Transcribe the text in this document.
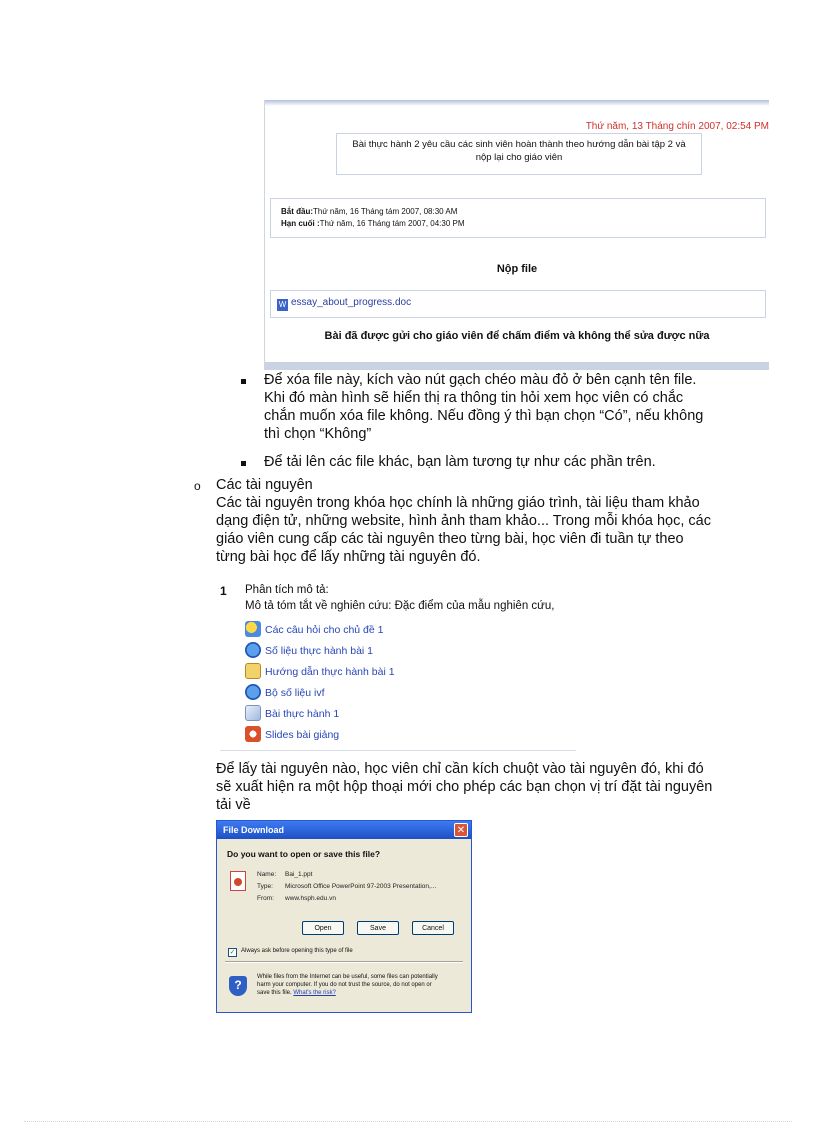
Thứ năm, 13 Tháng chín 2007, 02:54 PM
Bài thực hành 2 yêu cầu các sinh viên hoàn thành theo hướng dẫn bài tập 2 và
nộp lại cho giáo viên
Bắt đầu:Thứ năm, 16 Tháng tám 2007, 08:30 AM
Hạn cuối :Thứ năm, 16 Tháng tám 2007, 04:30 PM
Nộp file
W essay_about_progress.doc
Bài đã được gửi cho giáo viên để chấm điểm và không thể sửa được nữa

Để xóa file này, kích vào nút gạch chéo màu đỏ ở bên cạnh tên file.

Khi đó màn hình sẽ hiển thị ra thông tin hỏi xem học viên có chắc

chắn muốn xóa file không. Nếu đồng ý thì bạn chọn “Có”, nếu không

thì chọn “Không”

Để tải lên các file khác, bạn làm tương tự như các phần trên.

o Các tài nguyên

Các tài nguyên trong khóa học chính là những giáo trình, tài liệu tham khảo

dạng điện tử, những website, hình ảnh tham khảo... Trong mỗi khóa học, các

giáo viên cung cấp các tài nguyên theo từng bài, học viên đi tuần tự theo

từng bài học để lấy những tài nguyên đó.

1 Phân tích mô tả:
Mô tả tóm tắt về nghiên cứu: Đặc điểm của mẫu nghiên cứu,
Các câu hỏi cho chủ đề 1
Số liệu thực hành bài 1
Hướng dẫn thực hành bài 1
Bộ số liệu ivf
Bài thực hành 1
Slides bài giảng

Để lấy tài nguyên nào, học viên chỉ cần kích chuột vào tài nguyên đó, khi đó

sẽ xuất hiện ra một hộp thoại mới cho phép các bạn chọn vị trí đặt tài nguyên

tải về

File Download	✕
Do you want to open or save this file?
Name: Bai_1.ppt
Type: Microsoft Office PowerPoint 97-2003 Presentation,...
From: www.hsph.edu.vn
Open	Save	Cancel
✓ Always ask before opening this type of file
?
While files from the Internet can be useful, some files can potentially
harm your computer. If you do not trust the source, do not open or
save this file. What's the risk?
